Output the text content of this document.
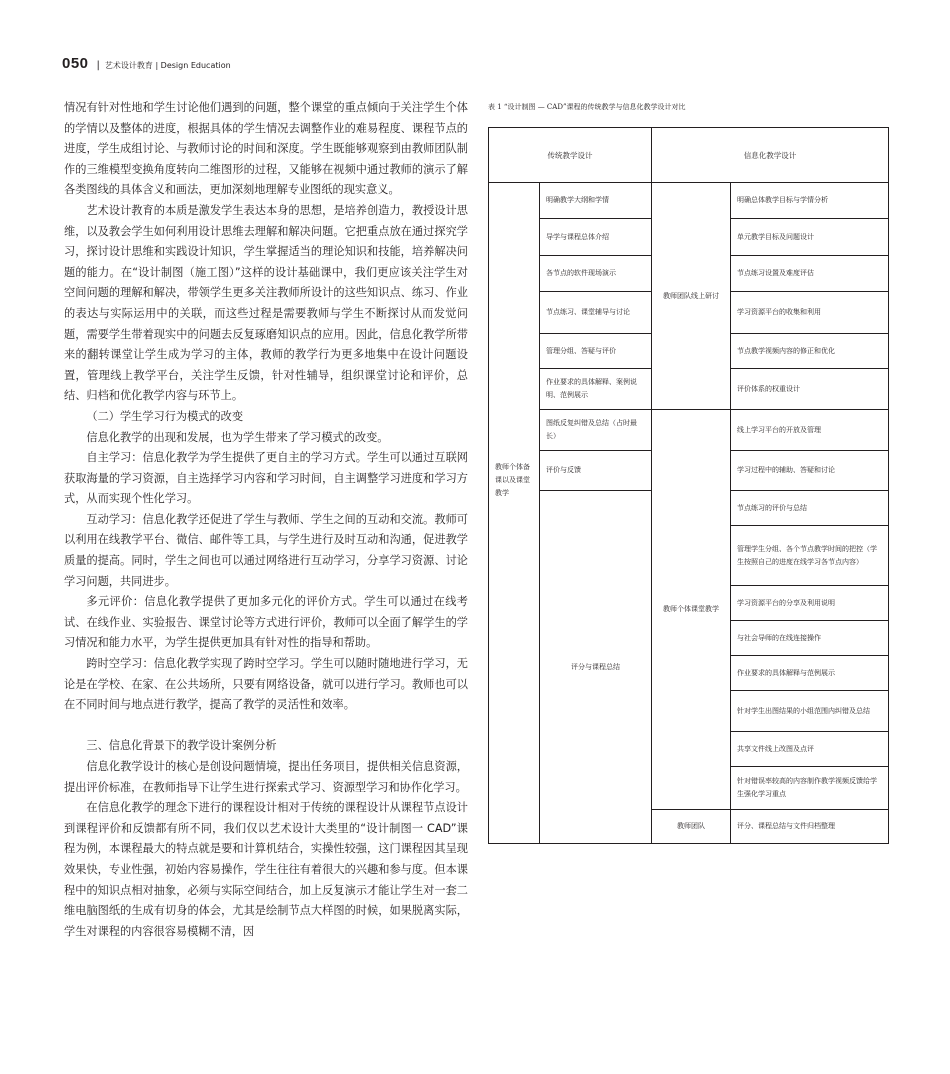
050 | 艺术设计教育 | Design Education

情况有针对性地和学生讨论他们遇到的问题，整个课堂的重点倾向于关注学生个体的学情以及整体的进度，根据具体的学生情况去调整作业的难易程度、课程节点的进度，学生成组讨论、与教师讨论的时间和深度。学生既能够观察到由教师团队制作的三维模型变换角度转向二维图形的过程，又能够在视频中通过教师的演示了解各类图线的具体含义和画法，更加深刻地理解专业图纸的现实意义。

艺术设计教育的本质是激发学生表达本身的思想，是培养创造力，教授设计思维，以及教会学生如何利用设计思维去理解和解决问题。它把重点放在通过探究学习，探讨设计思维和实践设计知识，学生掌握适当的理论知识和技能，培养解决问题的能力。在“设计制图（施工图）”这样的设计基础课中，我们更应该关注学生对空间问题的理解和解决，带领学生更多关注教师所设计的这些知识点、练习、作业的表达与实际运用中的关联，而这些过程是需要教师与学生不断探讨从而发觉问题，需要学生带着现实中的问题去反复琢磨知识点的应用。因此，信息化教学所带来的翻转课堂让学生成为学习的主体，教师的教学行为更多地集中在设计问题设置，管理线上教学平台，关注学生反馈，针对性辅导，组织课堂讨论和评价，总结、归档和优化教学内容与环节上。

（二）学生学习行为模式的改变

信息化教学的出现和发展，也为学生带来了学习模式的改变。

自主学习：信息化教学为学生提供了更自主的学习方式。学生可以通过互联网获取海量的学习资源，自主选择学习内容和学习时间，自主调整学习进度和学习方式，从而实现个性化学习。

互动学习：信息化教学还促进了学生与教师、学生之间的互动和交流。教师可以利用在线教学平台、微信、邮件等工具，与学生进行及时互动和沟通，促进教学质量的提高。同时，学生之间也可以通过网络进行互动学习，分享学习资源、讨论学习问题，共同进步。

多元评价：信息化教学提供了更加多元化的评价方式。学生可以通过在线考试、在线作业、实验报告、课堂讨论等方式进行评价，教师可以全面了解学生的学习情况和能力水平，为学生提供更加具有针对性的指导和帮助。

跨时空学习：信息化教学实现了跨时空学习。学生可以随时随地进行学习，无论是在学校、在家、在公共场所，只要有网络设备，就可以进行学习。教师也可以在不同时间与地点进行教学，提高了教学的灵活性和效率。

三、信息化背景下的教学设计案例分析

信息化教学设计的核心是创设问题情境，提出任务项目，提供相关信息资源，提出评价标准，在教师指导下让学生进行探索式学习、资源型学习和协作化学习。

在信息化教学的理念下进行的课程设计相对于传统的课程设计从课程节点设计到课程评价和反馈都有所不同，我们仅以艺术设计大类里的“设计制图一 CAD”课程为例，本课程最大的特点就是要和计算机结合，实操性较强，这门课程因其呈现效果快，专业性强，初始内容易操作，学生往往有着很大的兴趣和参与度。但本课程中的知识点相对抽象，必须与实际空间结合，加上反复演示才能让学生对一套二维电脑图纸的生成有切身的体会，尤其是绘制节点大样图的时候，如果脱离实际，学生对课程的内容很容易模糊不清，因

表 1 “设计制图 — CAD”课程的传统教学与信息化教学设计对比
传统教学设计		信息化教学设计	

教师个体备课以及课堂教学	明确教学大纲和学情	教师团队线上研讨	明确总体教学目标与学情分析
	导学与课程总体介绍		单元教学目标及问题设计
	各节点的软件现场演示		节点练习设置及难度评估
	节点练习、课堂辅导与讨论		学习资源平台的收集和利用
	管理分组、答疑与评价		节点教学视频内容的修正和优化
	作业要求的具体解释、案例说明、范例展示		评价体系的权重设计
	图纸反复纠错及总结（占时最长）	教师个体课堂教学	线上学习平台的开放及管理
	评价与反馈		学习过程中的辅助、答疑和讨论
	评分与课程总结		节点练习的评价与总结
			管理学生分组、各个节点教学时间的把控（学生按照自己的进度在线学习各节点内容）
			学习资源平台的分享及利用说明
			与社会导师的在线连接操作
			作业要求的具体解释与范例展示
			针对学生出图结果的小组范围内纠错及总结
			共享文件线上改图及点评
			针对错误率较高的内容制作教学视频反馈给学生强化学习重点
		教师团队	评分、课程总结与文件归档整理
